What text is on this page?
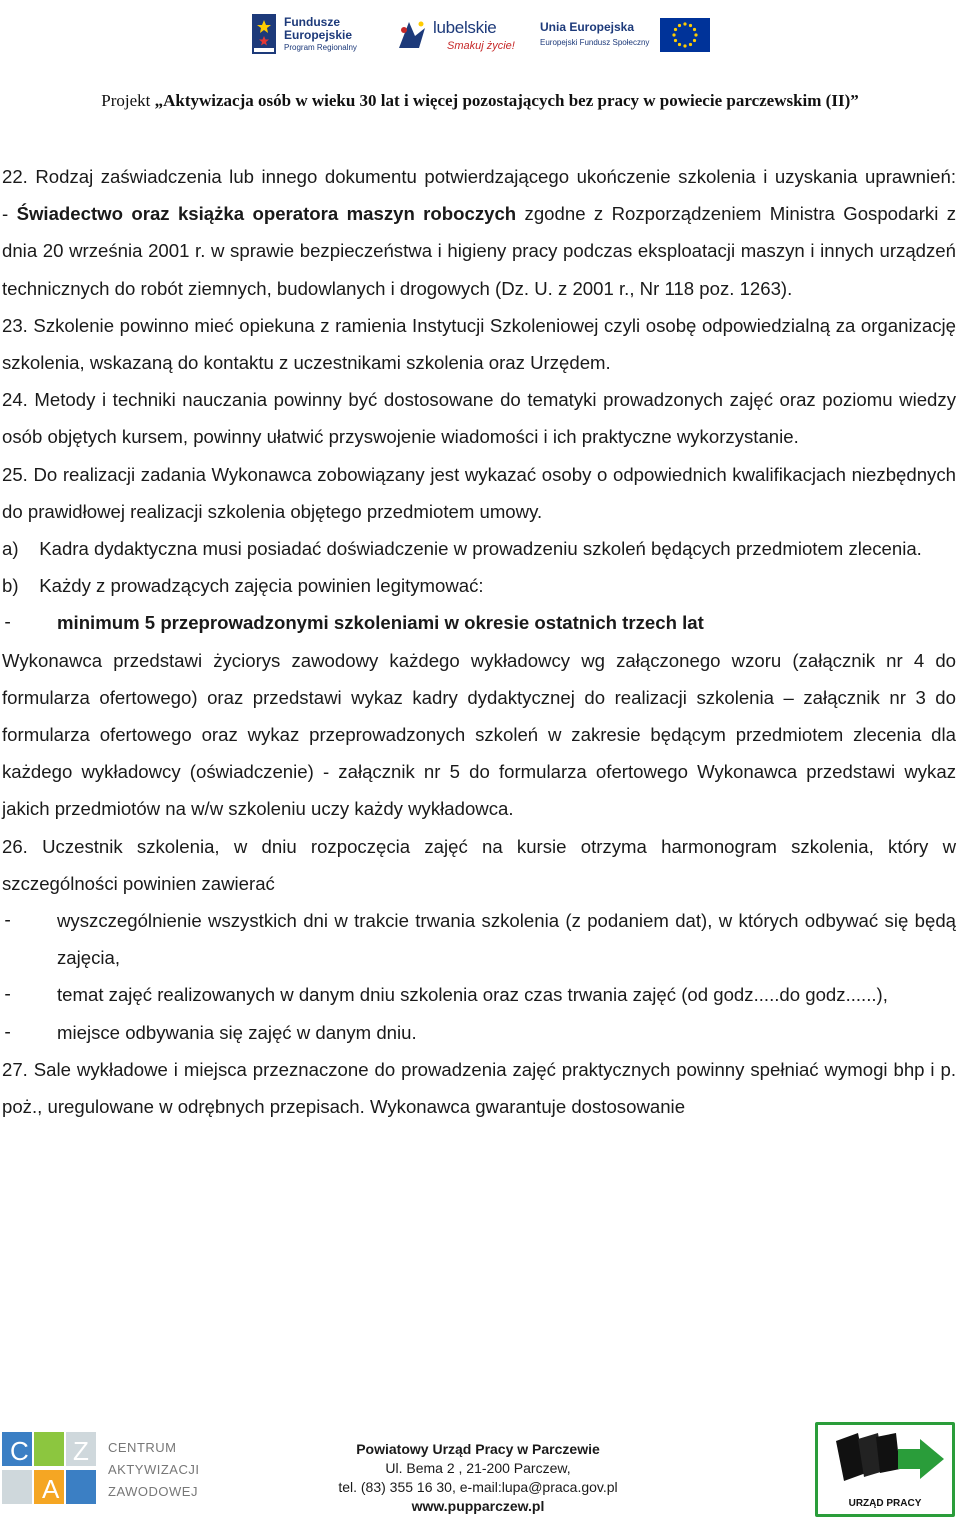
Fundusze
Europejskie
Program Regionalny
lubelskie
Smakuj życie!
Unia Europejska
Europejski Fundusz Społeczny
Projekt „Aktywizacja osób w wieku 30 lat i więcej pozostających bez pracy w powiecie parczewskim (II)”
22. Rodzaj zaświadczenia lub innego dokumentu potwierdzającego ukończenie szkolenia i uzyskania uprawnień:
- Świadectwo oraz książka operatora maszyn roboczych zgodne z Rozporządzeniem Ministra Gospodarki z dnia 20 września 2001 r. w sprawie bezpieczeństwa i higieny pracy podczas eksploatacji maszyn i innych urządzeń technicznych do robót ziemnych, budowlanych i drogowych (Dz. U. z 2001 r., Nr 118 poz. 1263).
23. Szkolenie powinno mieć opiekuna z ramienia Instytucji Szkoleniowej czyli osobę odpowiedzialną za organizację szkolenia, wskazaną do kontaktu z uczestnikami szkolenia oraz Urzędem.
24. Metody i techniki nauczania powinny być dostosowane do tematyki prowadzonych zajęć oraz poziomu wiedzy osób objętych kursem, powinny ułatwić przyswojenie wiadomości i ich praktyczne wykorzystanie.
25. Do realizacji zadania Wykonawca zobowiązany jest wykazać osoby o odpowiednich kwalifikacjach niezbędnych do prawidłowej realizacji szkolenia objętego przedmiotem umowy.
a)    Kadra dydaktyczna musi posiadać doświadczenie w prowadzeniu szkoleń będących przedmiotem zlecenia.
b)    Każdy z prowadzących zajęcia powinien legitymować:
-	minimum 5 przeprowadzonymi szkoleniami w okresie ostatnich trzech lat
Wykonawca przedstawi życiorys zawodowy każdego wykładowcy wg załączonego wzoru (załącznik nr 4 do formularza ofertowego) oraz przedstawi wykaz kadry dydaktycznej do realizacji szkolenia – załącznik nr 3 do formularza ofertowego oraz wykaz przeprowadzonych szkoleń w zakresie będącym przedmiotem zlecenia dla każdego wykładowcy (oświadczenie) - załącznik nr 5 do formularza ofertowego Wykonawca przedstawi wykaz jakich przedmiotów na w/w szkoleniu uczy każdy wykładowca.
26. Uczestnik szkolenia, w dniu rozpoczęcia zajęć na kursie otrzyma harmonogram szkolenia, który w szczególności powinien zawierać
-	wyszczególnienie wszystkich dni w trakcie trwania szkolenia (z podaniem dat), w których odbywać się będą zajęcia,
-	temat zajęć realizowanych w danym dniu szkolenia oraz czas trwania zajęć (od godz.....do godz......),
-	miejsce odbywania się zajęć w danym dniu.
27. Sale wykładowe i miejsca przeznaczone do prowadzenia zajęć praktycznych powinny spełniać wymogi bhp i p. poż., uregulowane w odrębnych przepisach. Wykonawca gwarantuje dostosowanie
C
A
Z CENTRUM
AKTYWIZACJI
ZAWODOWEJ
Powiatowy Urząd Pracy w Parczewie
Ul. Bema 2 , 21-200 Parczew,
tel. (83) 355 16 30, e-mail:lupa@praca.gov.pl
www.pupparczew.pl	URZĄD PRACY
